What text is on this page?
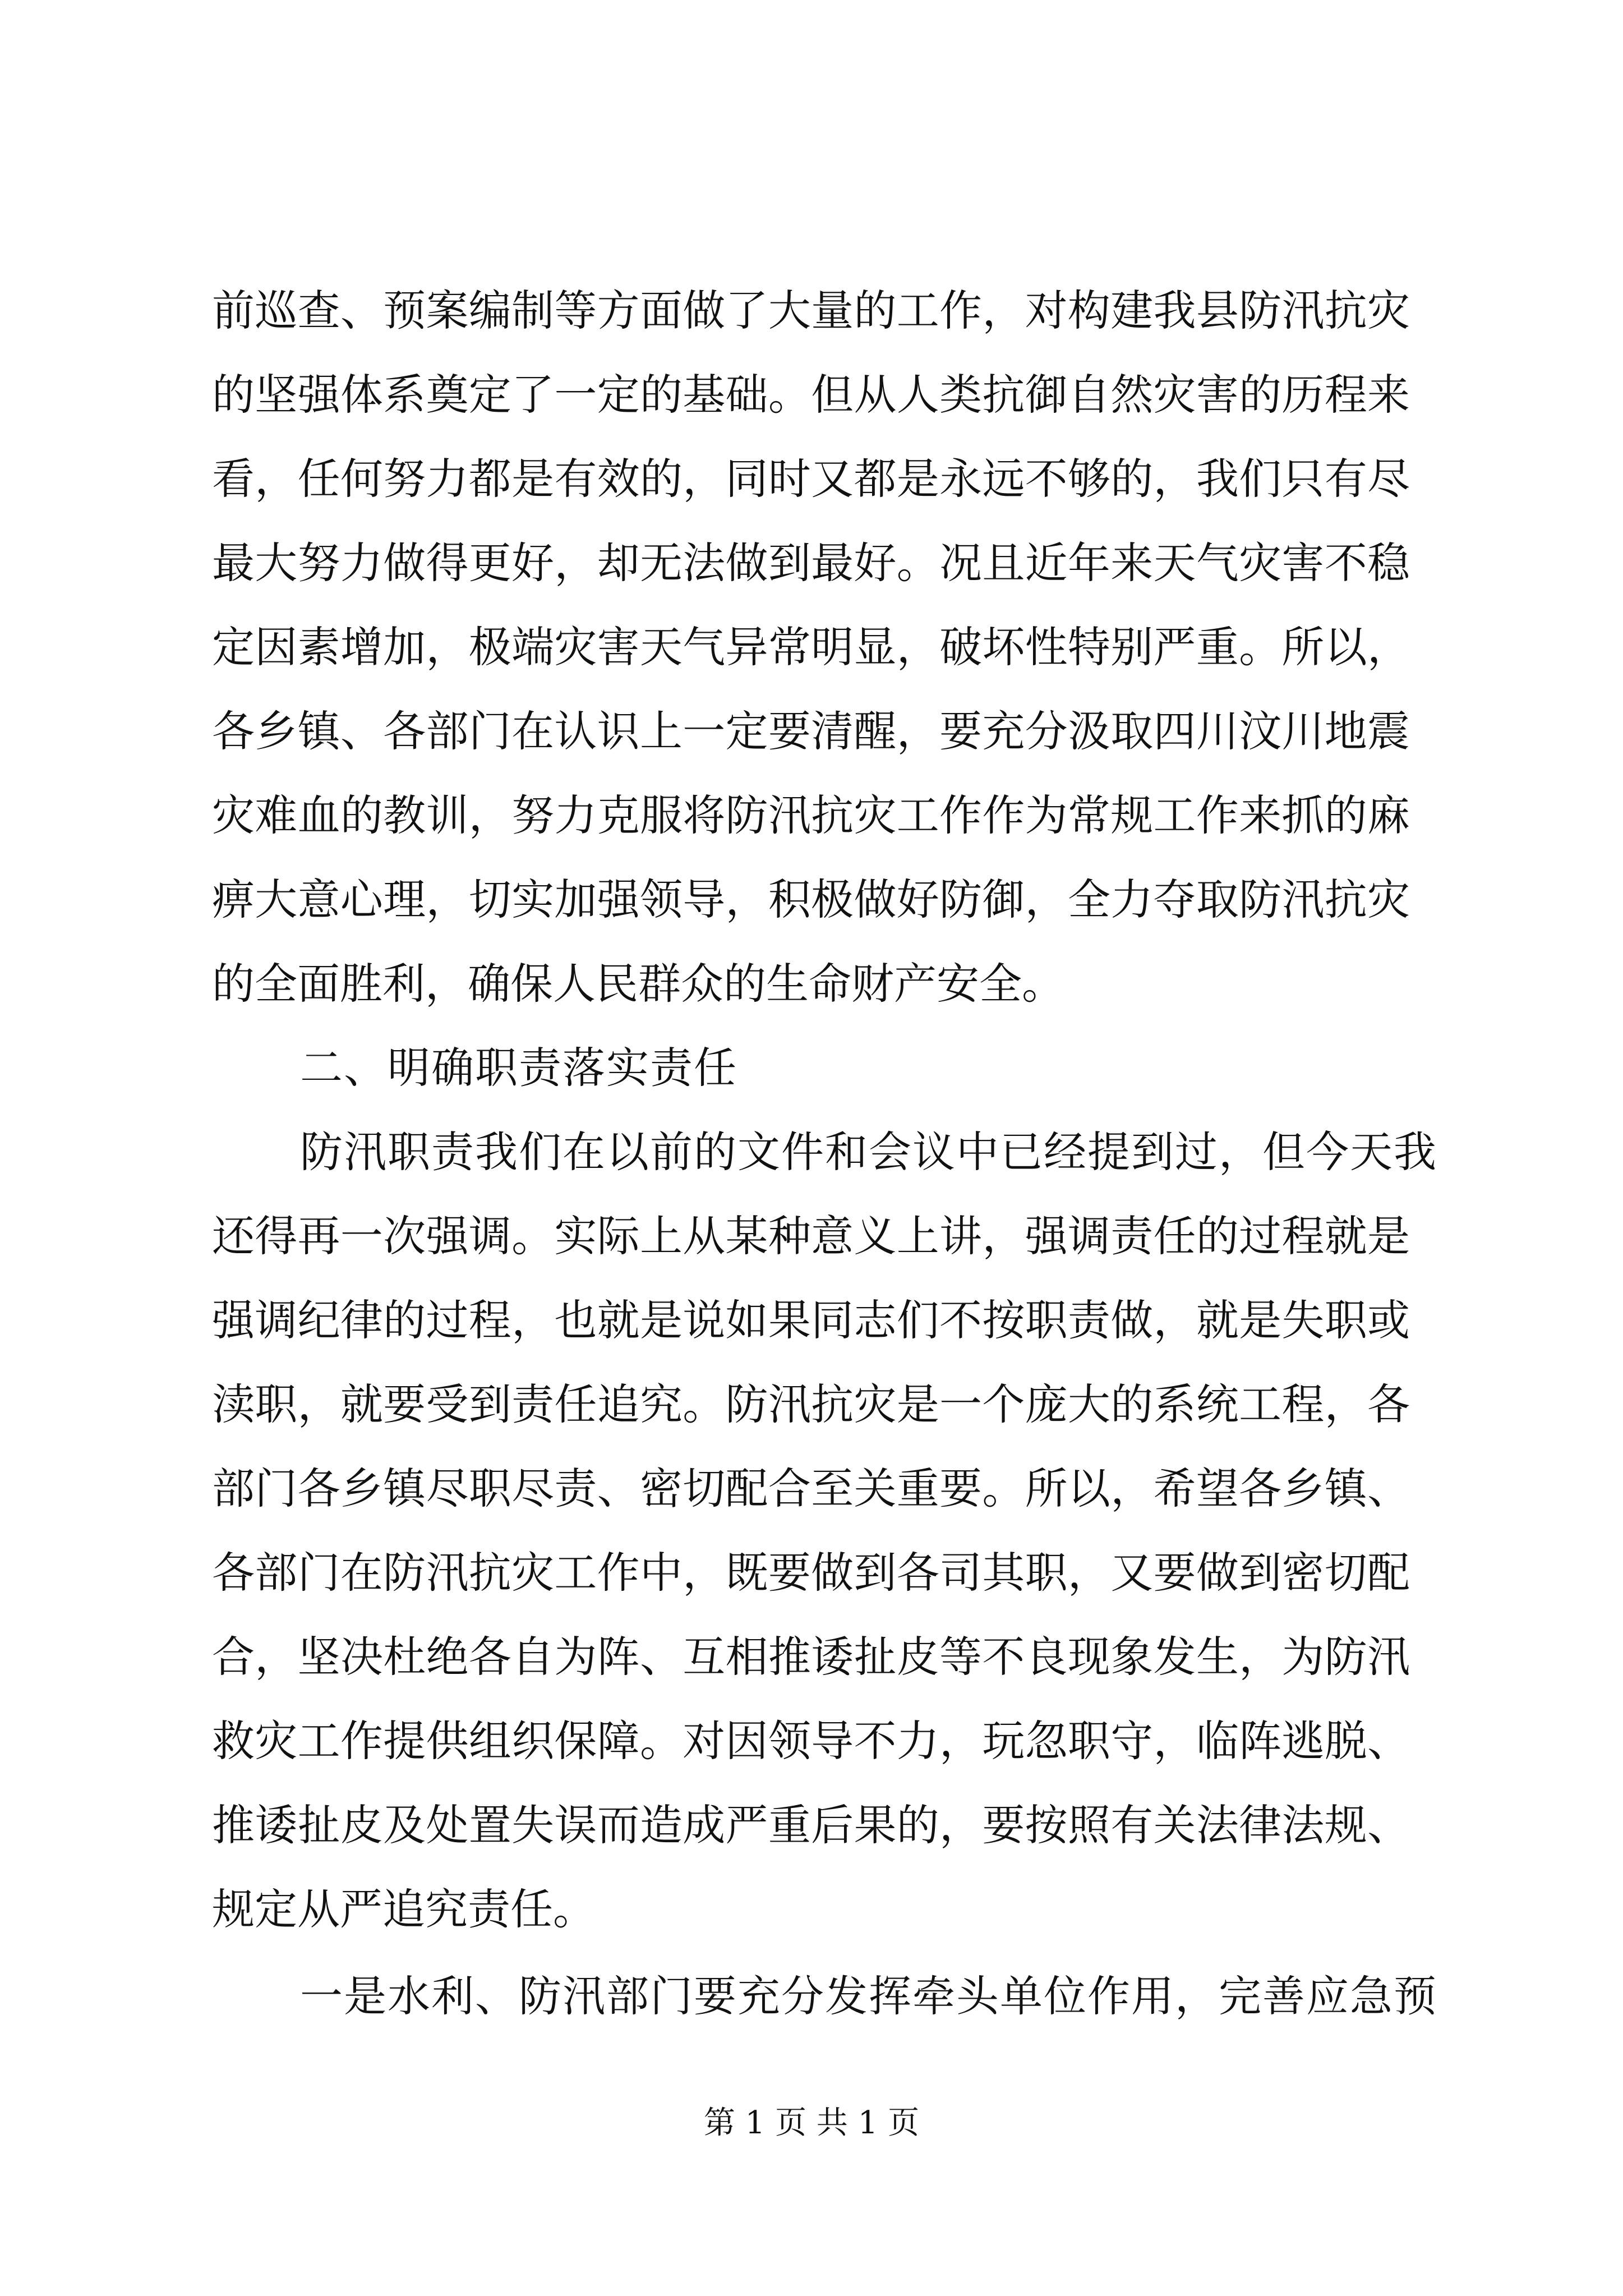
前巡查、预案编制等方面做了大量的工作，对构建我县防汛抗灾
的坚强体系奠定了一定的基础。但从人类抗御自然灾害的历程来
看，任何努力都是有效的，同时又都是永远不够的，我们只有尽
最大努力做得更好，却无法做到最好。况且近年来天气灾害不稳
定因素增加，极端灾害天气异常明显，破坏性特别严重。所以，
各乡镇、各部门在认识上一定要清醒，要充分汲取四川汶川地震
灾难血的教训，努力克服将防汛抗灾工作作为常规工作来抓的麻
痹大意心理，切实加强领导，积极做好防御，全力夺取防汛抗灾
的全面胜利，确保人民群众的生命财产安全。
二、明确职责落实责任
防汛职责我们在以前的文件和会议中已经提到过，但今天我
还得再一次强调。实际上从某种意义上讲，强调责任的过程就是
强调纪律的过程，也就是说如果同志们不按职责做，就是失职或
渎职，就要受到责任追究。防汛抗灾是一个庞大的系统工程，各
部门各乡镇尽职尽责、密切配合至关重要。所以，希望各乡镇、
各部门在防汛抗灾工作中，既要做到各司其职，又要做到密切配
合，坚决杜绝各自为阵、互相推诿扯皮等不良现象发生，为防汛
救灾工作提供组织保障。对因领导不力，玩忽职守，临阵逃脱、
推诿扯皮及处置失误而造成严重后果的，要按照有关法律法规、
规定从严追究责任。
一是水利、防汛部门要充分发挥牵头单位作用，完善应急预
第 1 页 共 1 页
